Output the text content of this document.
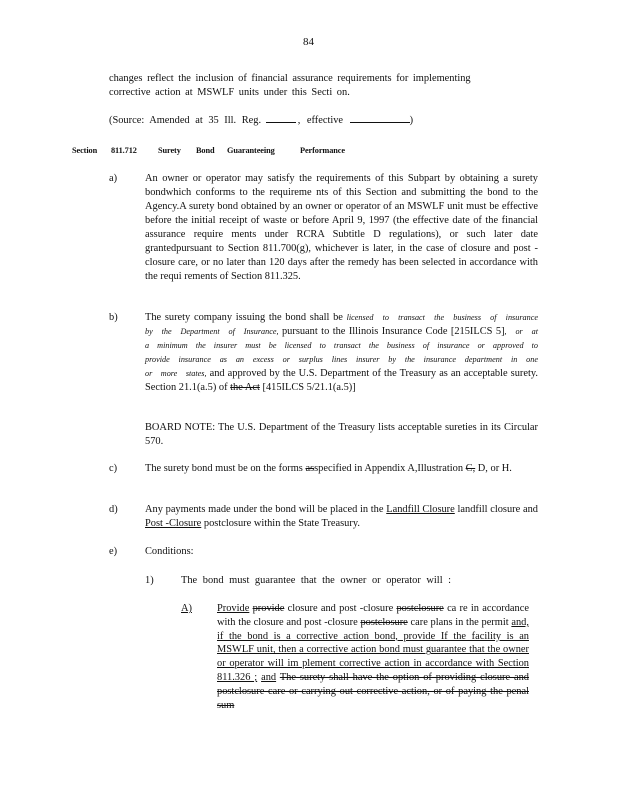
84
changes reflect the inclusion of financial assurance requirements for implementing
corrective action at MSWLF units under this Secti on.
(Source: Amended at 35 Ill. Reg.	, effective	)
Section 811.712	Surety Bond Guaranteeing	Performance
a)	An owner or operator may satisfy the requirements of this Subpart by obtaining a surety bondwhich conforms to the requireme nts of this Section and submitting the bond to the Agency.A surety bond obtained by an owner or operator of an MSWLF unit must be effective before the initial receipt of waste or before April 9, 1997 (the effective date of the financial assurance require ments under RCRA Subtitle D regulations), or such later date grantedpursuant to Section 811.700(g), whichever is later, in the case of closure and post -closure care, or no later than 120 days after the remedy has been selected in accordance with the requi rements of Section 811.325.
b)	The surety company issuing the bond shall be licensed to transact the business of insurance by the Department of Insurance, pursuant to the Illinois Insurance Code [215ILCS 5], or at a minimum the insurer must be licensed to transact the business of insurance or approved to provide insurance as an excess or surplus lines insurer by the insurance department in one or more states, and approved by the U.S. Department of the Treasury as an acceptable surety. Section 21.1(a.5) of the Act [415ILCS 5/21.1(a.5)]
BOARD NOTE: The U.S. Department of the Treasury lists acceptable sureties in its Circular 570.
c)	The surety bond must be on the forms asspecified in Appendix A,Illustration C, D, or H.
d)	Any payments made under the bond will be placed in the Landfill Closure landfill closure and Post -Closure postclosure within the State Treasury.
e)	Conditions:
1)	The bond must guarantee that the owner or operator will :
A) Provide provide closure and post -closure postclosure ca re in accordance with the closure and post -closure postclosure care plans in the permit and, if the bond is a corrective action bond, provide If the facility is an MSWLF unit, then a corrective action bond must guarantee that the owner or operator will im plement corrective action in accordance with Section 811.326 ; and The surety shall have the option of providing closure and postclosure care or carrying out corrective action, or of paying the penal sum
